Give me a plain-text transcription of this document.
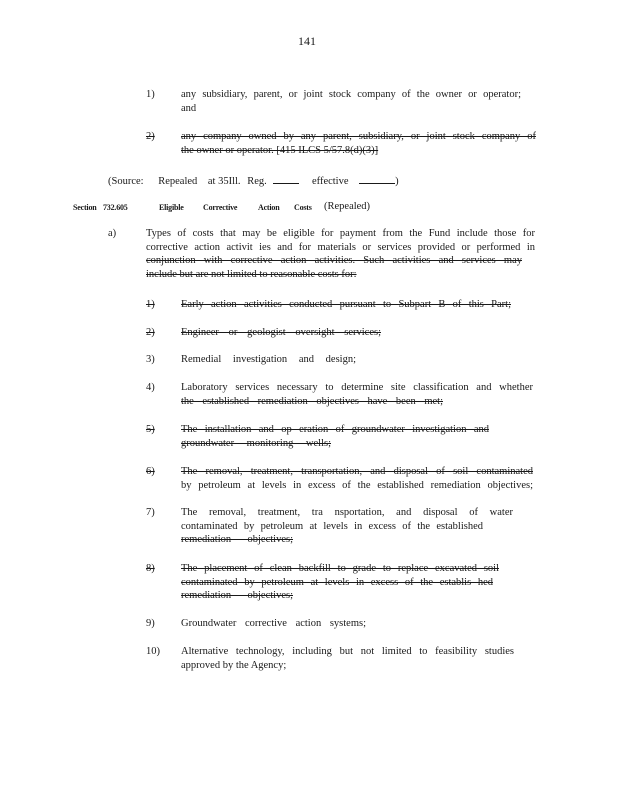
141
1)	any subsidiary, parent, or joint stock company of the owner or operator;
and
2)	any company owned by any parent, subsidiary, or joint stock company of
the owner or operator. [415 ILCS 5/57.8(d)(3)]
(Source: Repealed at 35Ill. Reg.	effective	)
Section 732.605	Eligible Corrective	Action Costs (Repealed)
a)	Types of costs that may be eligible for payment from the Fund include those for
corrective action activit ies and for materials or services provided or performed in
conjunction with corrective action activities. Such activities and services may
include but are not limited to reasonable costs for:
1)	Early action activities conducted pursuant to Subpart B of this Part;
2)	Engineer or geologist oversight services;
3)	Remedial investigation and design;
4)	Laboratory services necessary to determine site classification and whether
the established remediation objectives have been met;
5)	The installation and op eration of groundwater investigation and
groundwater monitoring wells;
6)	The removal, treatment, transportation, and disposal of soil contaminated
by petroleum at levels in excess of the established remediation objectives;
7)	The removal, treatment, tra nsportation, and disposal of water
contaminated by petroleum at levels in excess of the established
remediation objectives;
8)	The placement of clean backfill to grade to replace excavated soil
contaminated by petroleum at levels in excess of the establis hed
remediation objectives;
9)	Groundwater corrective action systems;
10)	Alternative technology, including but not limited to feasibility studies
approved by the Agency;
